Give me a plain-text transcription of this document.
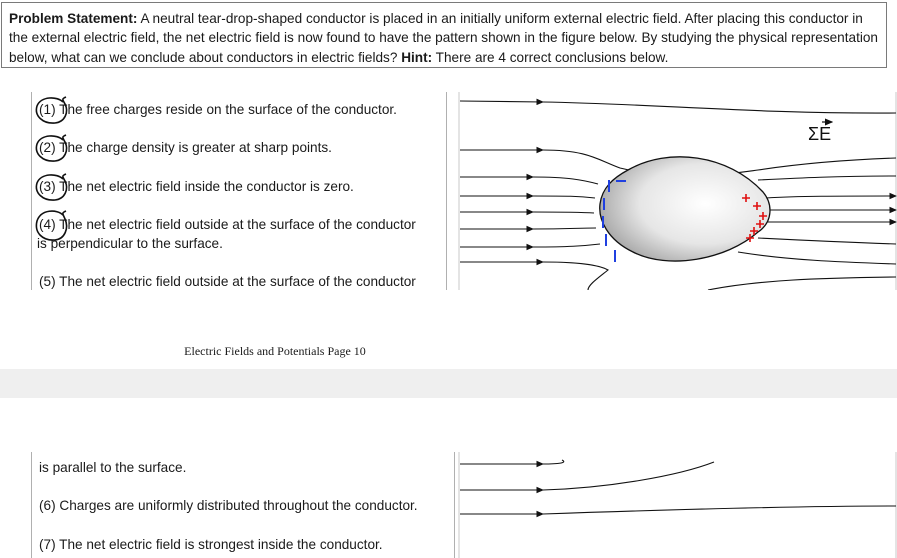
Problem Statement: A neutral tear-drop-shaped conductor is placed in an initially uniform external electric field. After placing this conductor in the external electric field, the net electric field is now found to have the pattern shown in the figure below. By studying the physical representation below, what can we conclude about conductors in electric fields? Hint: There are 4 correct conclusions below.
(1) The free charges reside on the surface of the conductor.
(2) The charge density is greater at sharp points.
(3) The net electric field inside the conductor is zero.
(4) The net electric field outside at the surface of the conductor
is perpendicular to the surface.
(5) The net electric field outside at the surface of the conductor
ΣE
Electric Fields and Potentials Page 10
is parallel to the surface.
(6) Charges are uniformly distributed throughout the conductor.
(7) The net electric field is strongest inside the conductor.
